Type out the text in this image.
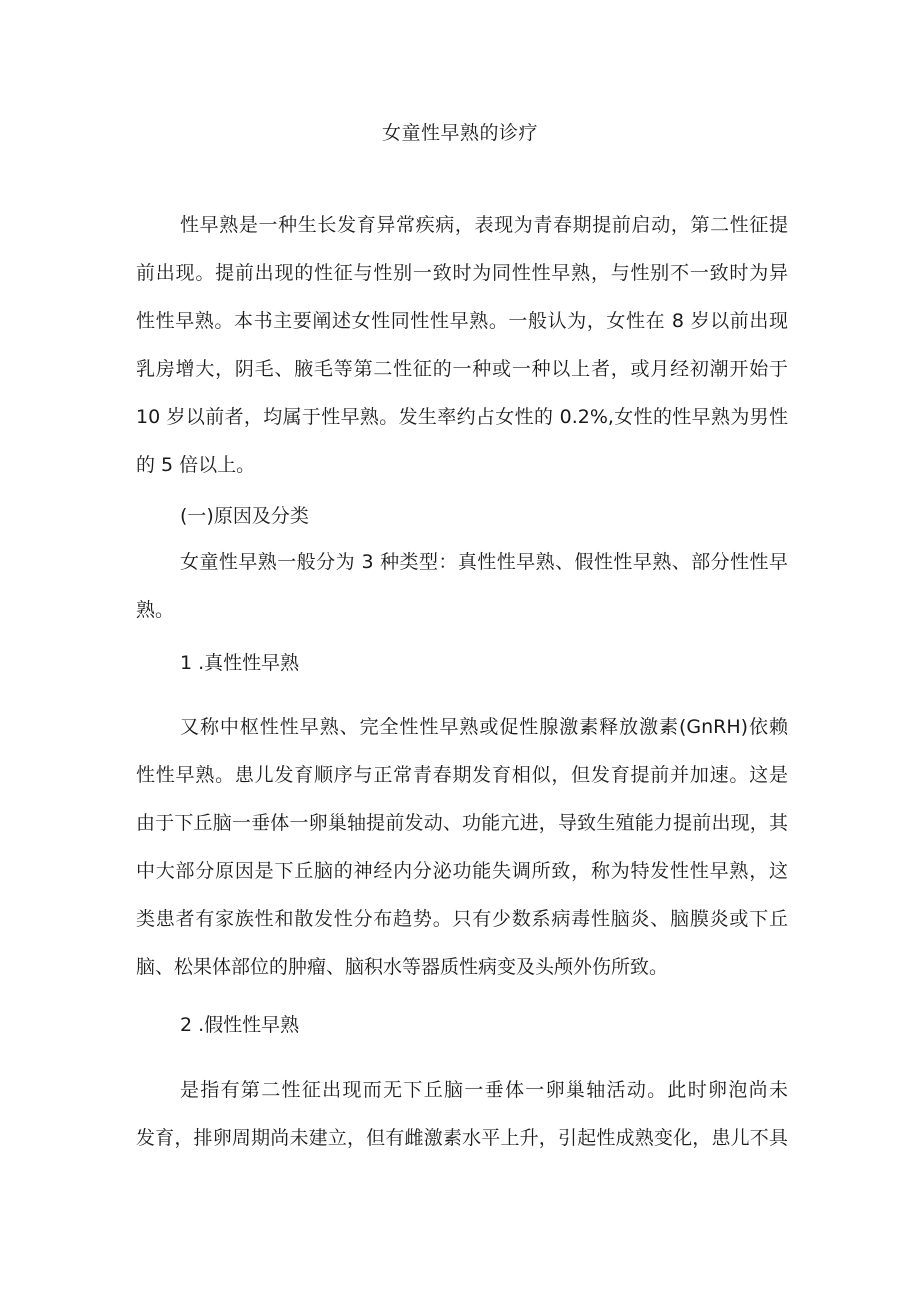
女童性早熟的诊疗
性早熟是一种生长发育异常疾病，表现为青春期提前启动，第二性征提
前出现。提前出现的性征与性别一致时为同性性早熟，与性别不一致时为异
性性早熟。本书主要阐述女性同性性早熟。一般认为，女性在 8 岁以前出现
乳房增大，阴毛、腋毛等第二性征的一种或一种以上者，或月经初潮开始于
10 岁以前者，均属于性早熟。发生率约占女性的 0.2%,女性的性早熟为男性
的 5 倍以上。
(一)原因及分类
女童性早熟一般分为 3 种类型：真性性早熟、假性性早熟、部分性性早
熟。
1 .真性性早熟
又称中枢性性早熟、完全性性早熟或促性腺激素释放激素(GnRH)依赖
性性早熟。患儿发育顺序与正常青春期发育相似，但发育提前并加速。这是
由于下丘脑一垂体一卵巢轴提前发动、功能亢进，导致生殖能力提前出现，其
中大部分原因是下丘脑的神经内分泌功能失调所致，称为特发性性早熟，这
类患者有家族性和散发性分布趋势。只有少数系病毒性脑炎、脑膜炎或下丘
脑、松果体部位的肿瘤、脑积水等器质性病变及头颅外伤所致。
2 .假性性早熟
是指有第二性征出现而无下丘脑一垂体一卵巢轴活动。此时卵泡尚未
发育，排卵周期尚未建立，但有雌激素水平上升，引起性成熟变化，患儿不具
